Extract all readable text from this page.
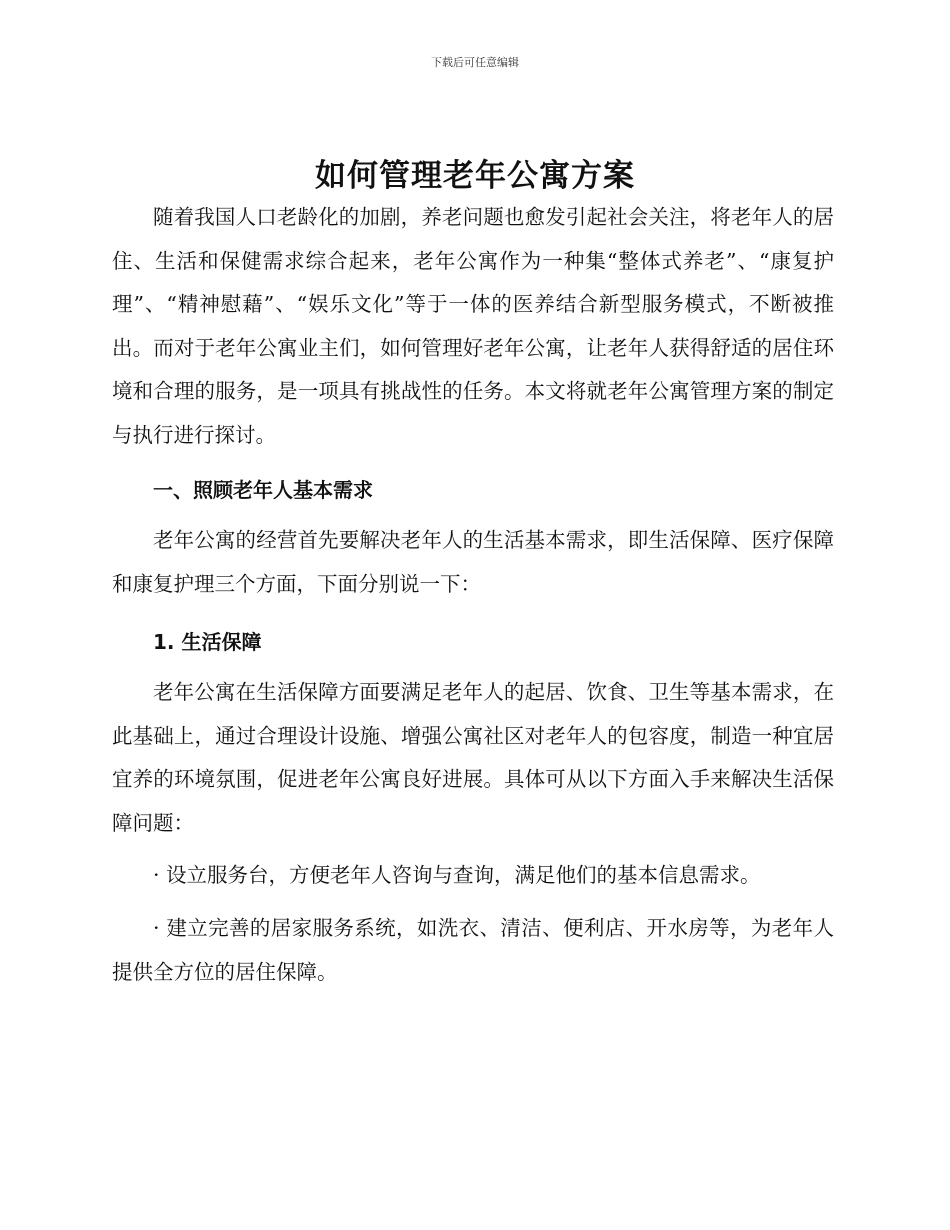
下载后可任意编辑
如何管理老年公寓方案

随着我国人口老龄化的加剧，养老问题也愈发引起社会关注，将老年人的居住、生活和保健需求综合起来，老年公寓作为一种集“整体式养老”、“康复护理”、“精神慰藉”、“娱乐文化”等于一体的医养结合新型服务模式，不断被推出。而对于老年公寓业主们，如何管理好老年公寓，让老年人获得舒适的居住环境和合理的服务，是一项具有挑战性的任务。本文将就老年公寓管理方案的制定与执行进行探讨。

一、照顾老年人基本需求

老年公寓的经营首先要解决老年人的生活基本需求，即生活保障、医疗保障和康复护理三个方面，下面分别说一下：

1. 生活保障

老年公寓在生活保障方面要满足老年人的起居、饮食、卫生等基本需求，在此基础上，通过合理设计设施、增强公寓社区对老年人的包容度，制造一种宜居宜养的环境氛围，促进老年公寓良好进展。具体可从以下方面入手来解决生活保障问题：

· 设立服务台，方便老年人咨询与查询，满足他们的基本信息需求。

· 建立完善的居家服务系统，如洗衣、清洁、便利店、开水房等，为老年人提供全方位的居住保障。
